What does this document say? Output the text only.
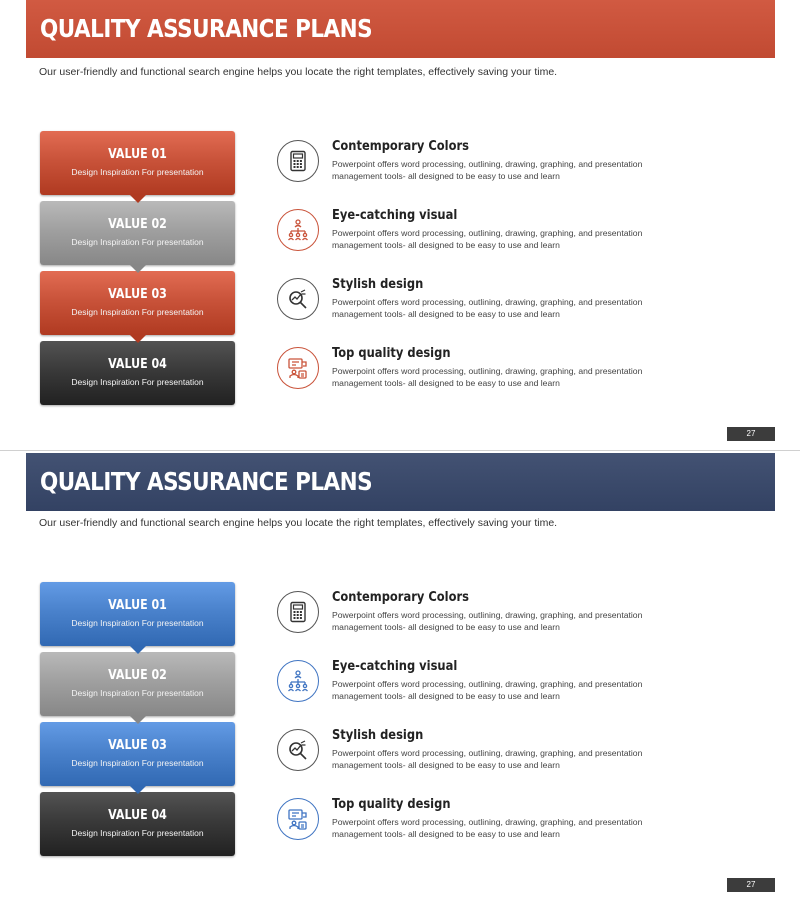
QUALITY ASSURANCE PLANS
Our user-friendly and functional search engine helps you locate the right templates, effectively saving your time.
VALUE 01
Design Inspiration For presentation
VALUE 02
Design Inspiration For presentation
VALUE 03
Design Inspiration For presentation
VALUE 04
Design Inspiration For presentation
Contemporary Colors
Powerpoint offers word processing, outlining, drawing, graphing, and presentation management tools- all designed to be easy to use and learn
Eye-catching visual
Powerpoint offers word processing, outlining, drawing, graphing, and presentation management tools- all designed to be easy to use and learn
Stylish design
Powerpoint offers word processing, outlining, drawing, graphing, and presentation management tools- all designed to be easy to use and learn
Top quality design
Powerpoint offers word processing, outlining, drawing, graphing, and presentation management tools- all designed to be easy to use and learn
27
QUALITY ASSURANCE PLANS
Our user-friendly and functional search engine helps you locate the right templates, effectively saving your time.
VALUE 01
Design Inspiration For presentation
VALUE 02
Design Inspiration For presentation
VALUE 03
Design Inspiration For presentation
VALUE 04
Design Inspiration For presentation
Contemporary Colors
Powerpoint offers word processing, outlining, drawing, graphing, and presentation management tools- all designed to be easy to use and learn
Eye-catching visual
Powerpoint offers word processing, outlining, drawing, graphing, and presentation management tools- all designed to be easy to use and learn
Stylish design
Powerpoint offers word processing, outlining, drawing, graphing, and presentation management tools- all designed to be easy to use and learn
Top quality design
Powerpoint offers word processing, outlining, drawing, graphing, and presentation management tools- all designed to be easy to use and learn
27
